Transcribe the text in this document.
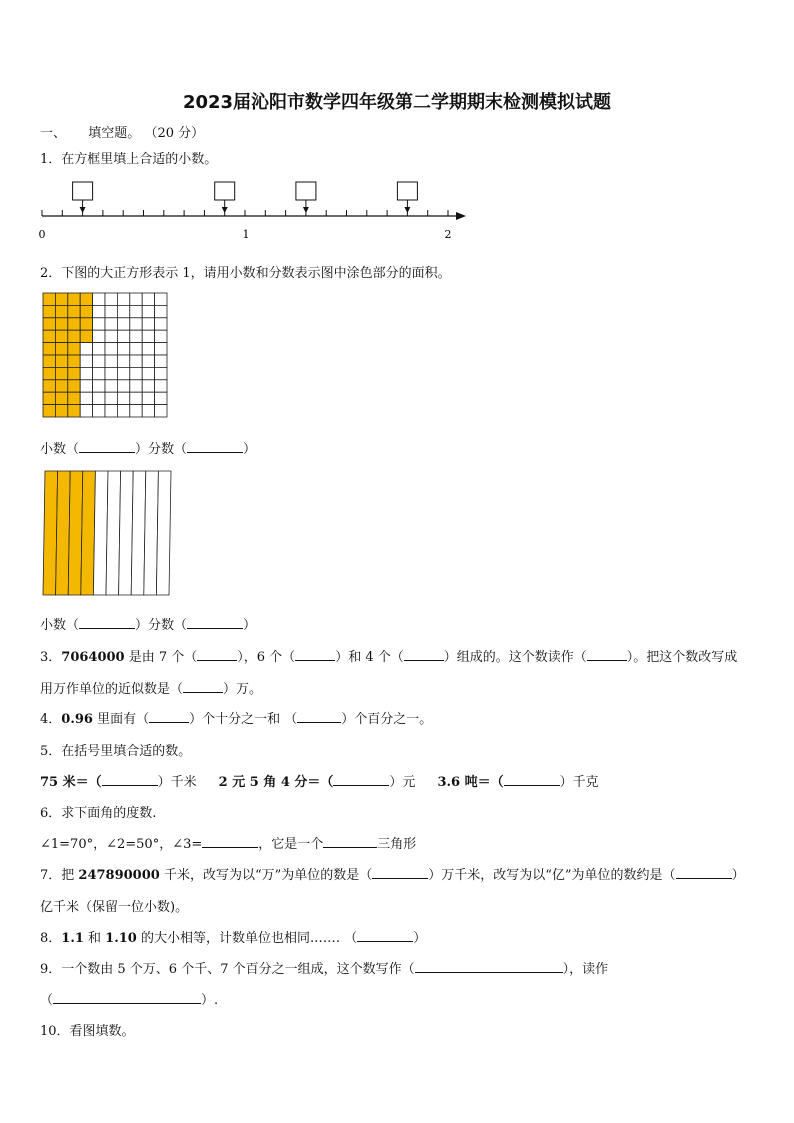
2023届沁阳市数学四年级第二学期期末检测模拟试题
一、 填空题。 （20 分）
1．在方框里填上合适的小数。
0	1	2
2．下图的大正方形表示 1，请用小数和分数表示图中涂色部分的面积。
小数（	）分数（	）
小数（	）分数（	）
3．7064000 是由 7 个（	），6 个（	）和 4 个（	）组成的。这个数读作（	）。把这个数改写成
用万作单位的近似数是（	）万。
4．0.96 里面有（	）个十分之一和 （	）个百分之一。
5．在括号里填合适的数。
75 米＝（	）千米 2 元 5 角 4 分＝（	）元 3.6 吨＝（	）千克
6．求下面角的度数.
∠1=70°，∠2=50°，∠3=	，它是一个	三角形
7．把 247890000 千米，改写为以“万”为单位的数是（	）万千米，改写为以“亿”为单位的数约是（	）
亿千米（保留一位小数)。
8．1.1 和 1.10 的大小相等，计数单位也相同.…… （	）
9．一个数由 5 个万、6 个千、7 个百分之一组成，这个数写作（	），读作
（	）.
10．看图填数。
